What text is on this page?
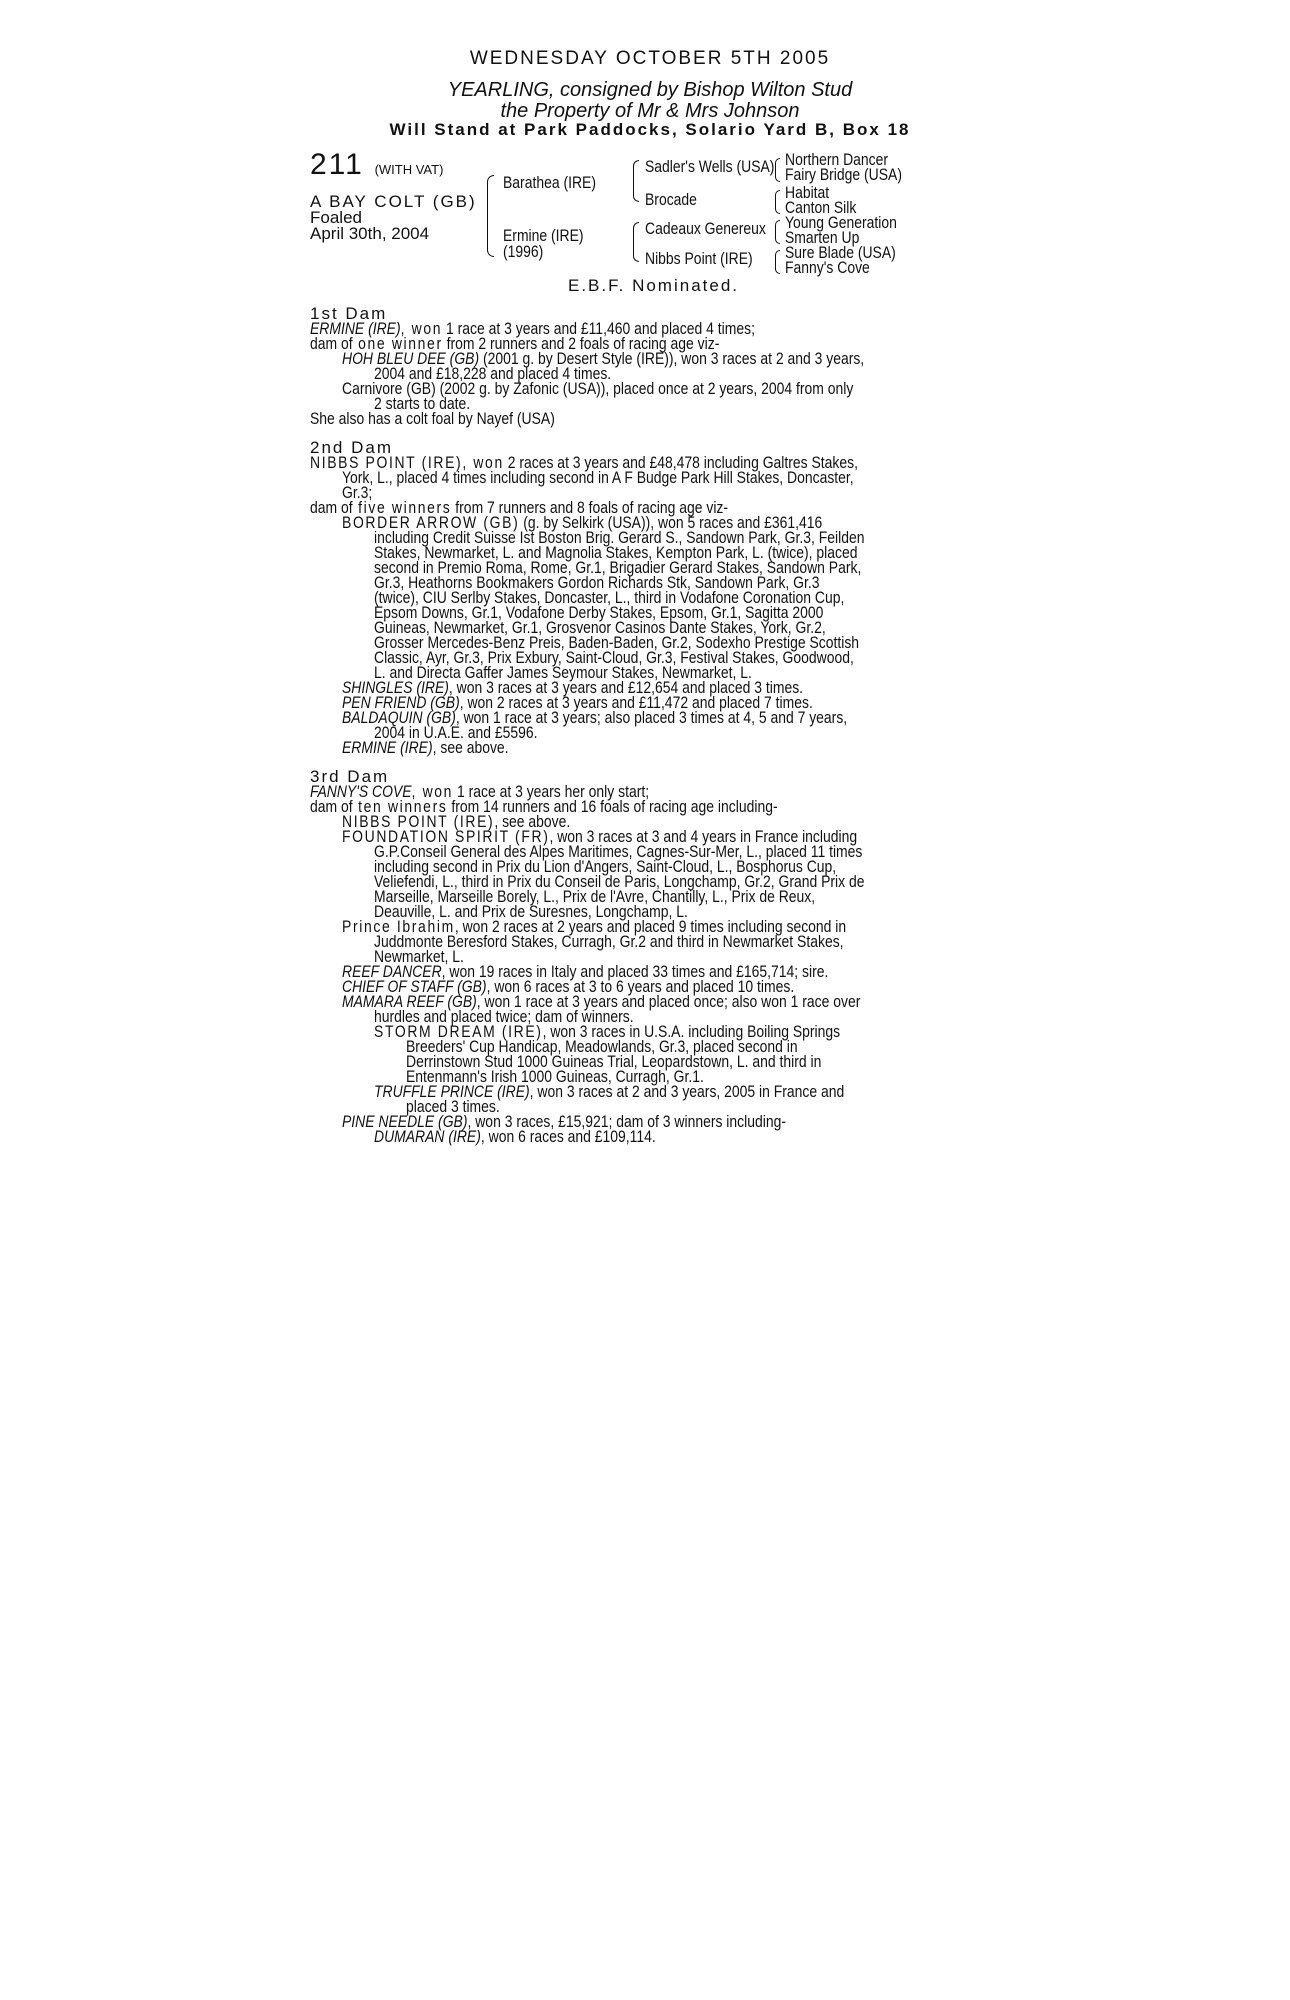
WEDNESDAY OCTOBER 5TH 2005
YEARLING, consigned by Bishop Wilton Stud
the Property of Mr & Mrs Johnson
Will Stand at Park Paddocks, Solario Yard B, Box 18
211 (WITH VAT)
A BAY COLT (GB)
Foaled
April 30th, 2004
Barathea (IRE)
Ermine (IRE)
(1996)
Sadler's Wells (USA)
Brocade
Cadeaux Genereux
Nibbs Point (IRE)
Northern Dancer
Fairy Bridge (USA)
Habitat
Canton Silk
Young Generation
Smarten Up
Sure Blade (USA)
Fanny's Cove
E.B.F. Nominated.
1st Dam
ERMINE (IRE), won 1 race at 3 years and £11,460 and placed 4 times;
dam of one winner from 2 runners and 2 foals of racing age viz-
HOH BLEU DEE (GB) (2001 g. by Desert Style (IRE)), won 3 races at 2 and 3 years,
2004 and £18,228 and placed 4 times.
Carnivore (GB) (2002 g. by Zafonic (USA)), placed once at 2 years, 2004 from only
2 starts to date.
She also has a colt foal by Nayef (USA)
2nd Dam
NIBBS POINT (IRE), won 2 races at 3 years and £48,478 including Galtres Stakes,
York, L., placed 4 times including second in A F Budge Park Hill Stakes, Doncaster,
Gr.3;
dam of five winners from 7 runners and 8 foals of racing age viz-
BORDER ARROW (GB) (g. by Selkirk (USA)), won 5 races and £361,416
including Credit Suisse Ist Boston Brig. Gerard S., Sandown Park, Gr.3, Feilden
Stakes, Newmarket, L. and Magnolia Stakes, Kempton Park, L. (twice), placed
second in Premio Roma, Rome, Gr.1, Brigadier Gerard Stakes, Sandown Park,
Gr.3, Heathorns Bookmakers Gordon Richards Stk, Sandown Park, Gr.3
(twice), CIU Serlby Stakes, Doncaster, L., third in Vodafone Coronation Cup,
Epsom Downs, Gr.1, Vodafone Derby Stakes, Epsom, Gr.1, Sagitta 2000
Guineas, Newmarket, Gr.1, Grosvenor Casinos Dante Stakes, York, Gr.2,
Grosser Mercedes-Benz Preis, Baden-Baden, Gr.2, Sodexho Prestige Scottish
Classic, Ayr, Gr.3, Prix Exbury, Saint-Cloud, Gr.3, Festival Stakes, Goodwood,
L. and Directa Gaffer James Seymour Stakes, Newmarket, L.
SHINGLES (IRE), won 3 races at 3 years and £12,654 and placed 3 times.
PEN FRIEND (GB), won 2 races at 3 years and £11,472 and placed 7 times.
BALDAQUIN (GB), won 1 race at 3 years; also placed 3 times at 4, 5 and 7 years,
2004 in U.A.E. and £5596.
ERMINE (IRE), see above.
3rd Dam
FANNY'S COVE, won 1 race at 3 years her only start;
dam of ten winners from 14 runners and 16 foals of racing age including-
NIBBS POINT (IRE), see above.
FOUNDATION SPIRIT (FR), won 3 races at 3 and 4 years in France including
G.P.Conseil General des Alpes Maritimes, Cagnes-Sur-Mer, L., placed 11 times
including second in Prix du Lion d'Angers, Saint-Cloud, L., Bosphorus Cup,
Veliefendi, L., third in Prix du Conseil de Paris, Longchamp, Gr.2, Grand Prix de
Marseille, Marseille Borely, L., Prix de l'Avre, Chantilly, L., Prix de Reux,
Deauville, L. and Prix de Suresnes, Longchamp, L.
Prince Ibrahim, won 2 races at 2 years and placed 9 times including second in
Juddmonte Beresford Stakes, Curragh, Gr.2 and third in Newmarket Stakes,
Newmarket, L.
REEF DANCER, won 19 races in Italy and placed 33 times and £165,714; sire.
CHIEF OF STAFF (GB), won 6 races at 3 to 6 years and placed 10 times.
MAMARA REEF (GB), won 1 race at 3 years and placed once; also won 1 race over
hurdles and placed twice; dam of winners.
STORM DREAM (IRE), won 3 races in U.S.A. including Boiling Springs
Breeders' Cup Handicap, Meadowlands, Gr.3, placed second in
Derrinstown Stud 1000 Guineas Trial, Leopardstown, L. and third in
Entenmann's Irish 1000 Guineas, Curragh, Gr.1.
TRUFFLE PRINCE (IRE), won 3 races at 2 and 3 years, 2005 in France and
placed 3 times.
PINE NEEDLE (GB), won 3 races, £15,921; dam of 3 winners including-
DUMARAN (IRE), won 6 races and £109,114.
